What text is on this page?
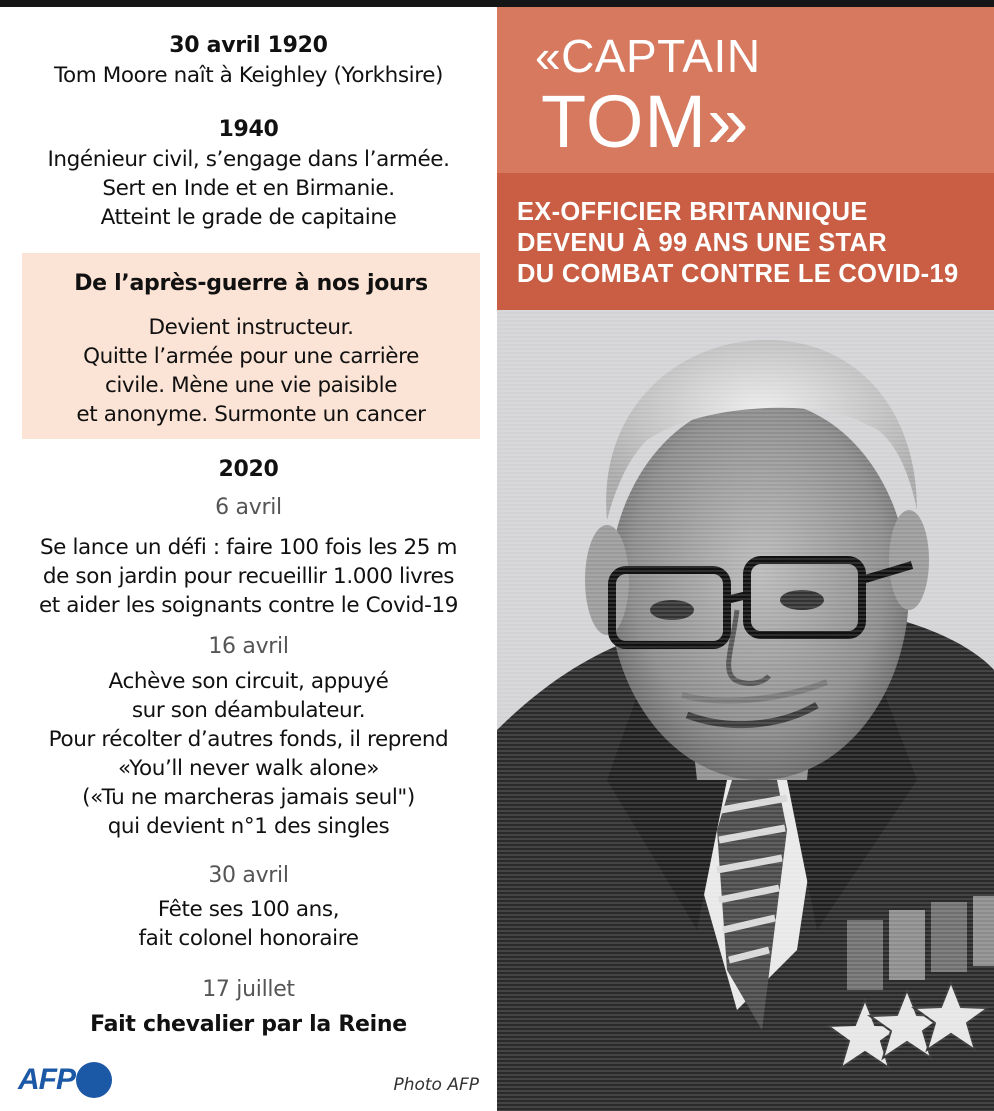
30 avril 1920
Tom Moore naît à Keighley (Yorkhsire)
1940
Ingénieur civil, s’engage dans l’armée.
Sert en Inde et en Birmanie.
Atteint le grade de capitaine
De l’après-guerre à nos jours
Devient instructeur.
Quitte l’armée pour une carrière
civile. Mène une vie paisible
et anonyme. Surmonte un cancer
2020
6 avril
Se lance un défi : faire 100 fois les 25 m
de son jardin pour recueillir 1.000 livres
et aider les soignants contre le Covid-19
16 avril
Achève son circuit, appuyé
sur son déambulateur.
Pour récolter d’autres fonds, il reprend
«You’ll never walk alone»
(«Tu ne marcheras jamais seul")
qui devient n°1 des singles
30 avril
Fête ses 100 ans,
fait colonel honoraire
17 juillet
Fait chevalier par la Reine
AFP	Photo AFP
«CAPTAIN
TOM»
EX-OFFICIER BRITANNIQUE
DEVENU À 99 ANS UNE STAR
DU COMBAT CONTRE LE COVID-19
